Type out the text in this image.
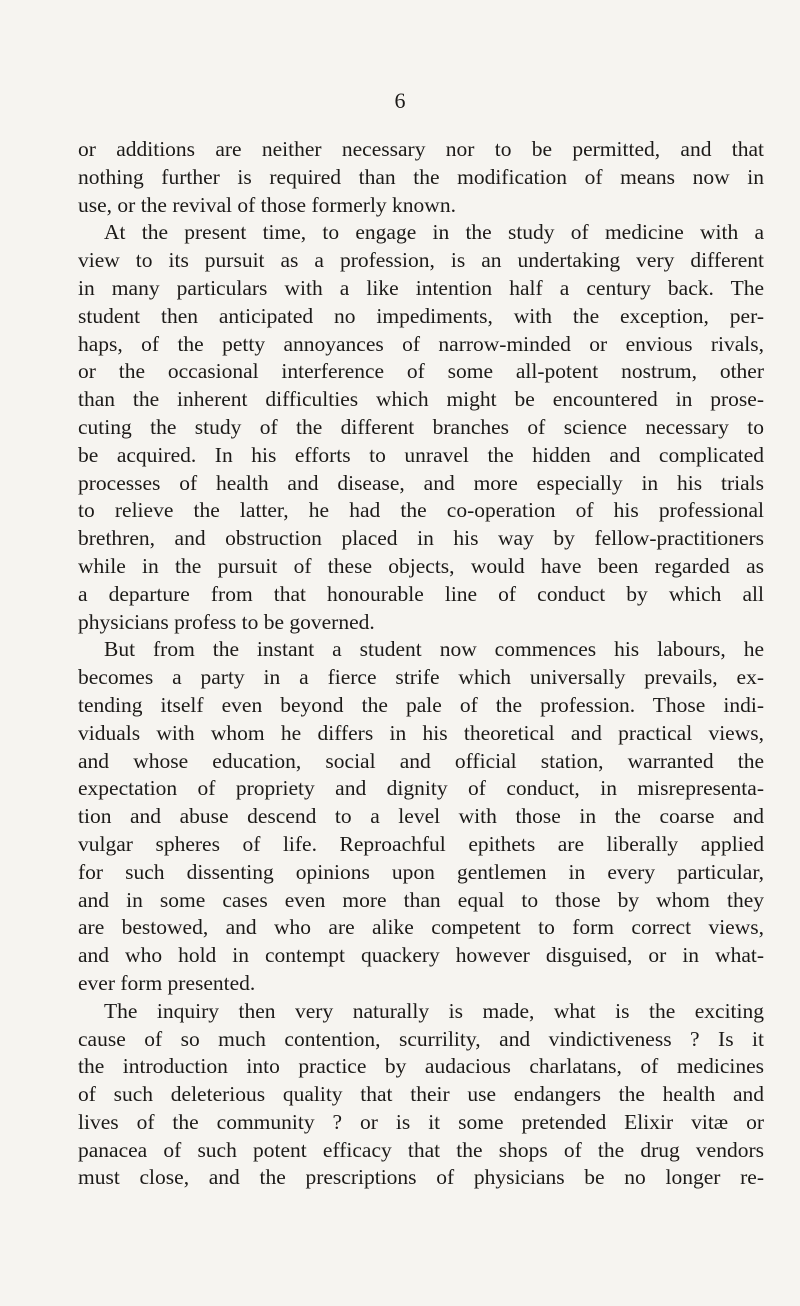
6
or additions are neither necessary nor to be permitted, and that
nothing further is required than the modification of means now in
use, or the revival of those formerly known.
At the present time, to engage in the study of medicine with a
view to its pursuit as a profession, is an undertaking very different
in many particulars with a like intention half a century back. The
student then anticipated no impediments, with the exception, per-
haps, of the petty annoyances of narrow-minded or envious rivals,
or the occasional interference of some all-potent nostrum, other
than the inherent difficulties which might be encountered in prose-
cuting the study of the different branches of science necessary to
be acquired. In his efforts to unravel the hidden and complicated
processes of health and disease, and more especially in his trials
to relieve the latter, he had the co-operation of his professional
brethren, and obstruction placed in his way by fellow-practitioners
while in the pursuit of these objects, would have been regarded as
a departure from that honourable line of conduct by which all
physicians profess to be governed.
But from the instant a student now commences his labours, he
becomes a party in a fierce strife which universally prevails, ex-
tending itself even beyond the pale of the profession. Those indi-
viduals with whom he differs in his theoretical and practical views,
and whose education, social and official station, warranted the
expectation of propriety and dignity of conduct, in misrepresenta-
tion and abuse descend to a level with those in the coarse and
vulgar spheres of life. Reproachful epithets are liberally applied
for such dissenting opinions upon gentlemen in every particular,
and in some cases even more than equal to those by whom they
are bestowed, and who are alike competent to form correct views,
and who hold in contempt quackery however disguised, or in what-
ever form presented.
The inquiry then very naturally is made, what is the exciting
cause of so much contention, scurrility, and vindictiveness ? Is it
the introduction into practice by audacious charlatans, of medicines
of such deleterious quality that their use endangers the health and
lives of the community ? or is it some pretended Elixir vitæ or
panacea of such potent efficacy that the shops of the drug vendors
must close, and the prescriptions of physicians be no longer re-
